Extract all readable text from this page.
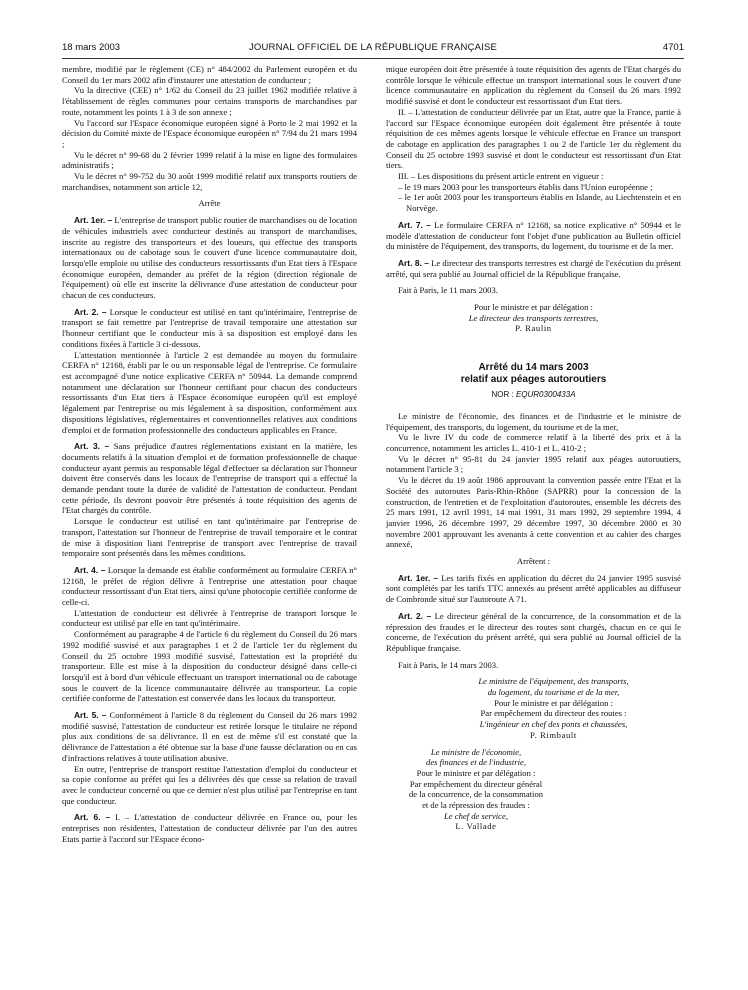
18 mars 2003	JOURNAL OFFICIEL DE LA RÉPUBLIQUE FRANÇAISE	4701

membre, modifié par le règlement (CE) n° 484/2002 du Parlement européen et du Conseil du 1er mars 2002 afin d'instaurer une attestation de conducteur ;

Vu la directive (CEE) n° 1/62 du Conseil du 23 juillet 1962 modifiée relative à l'établissement de règles communes pour certains transports de marchandises par route, notamment les points 1 à 3 de son annexe ;

Vu l'accord sur l'Espace économique européen signé à Porto le 2 mai 1992 et la décision du Comité mixte de l'Espace économique européen n° 7/94 du 21 mars 1994 ;

Vu le décret n° 99-68 du 2 février 1999 relatif à la mise en ligne des formulaires administratifs ;

Vu le décret n° 99-752 du 30 août 1999 modifié relatif aux transports routiers de marchandises, notamment son article 12,

Arrête

Art. 1er. – L'entreprise de transport public routier de marchandises ou de location de véhicules industriels avec conducteur destinés au transport de marchandises, inscrite au registre des transporteurs et des loueurs, qui effectue des transports internationaux ou de cabotage sous le couvert d'une licence communautaire doit, lorsqu'elle emploie ou utilise des conducteurs ressortissants d'un Etat tiers à l'Espace économique européen, demander au préfet de la région (direction régionale de l'équipement) où elle est inscrite la délivrance d'une attestation de conducteur pour chacun de ces conducteurs.

Art. 2. – Lorsque le conducteur est utilisé en tant qu'intérimaire, l'entreprise de transport se fait remettre par l'entreprise de travail temporaire une attestation sur l'honneur certifiant que le conducteur mis à sa disposition est employé dans les conditions fixées à l'article 3 ci-dessous.

L'attestation mentionnée à l'article 2 est demandée au moyen du formulaire CERFA n° 12168, établi par le ou un responsable légal de l'entreprise. Ce formulaire est accompagné d'une notice explicative CERFA n° 50944. La demande comprend notamment une déclaration sur l'honneur certifiant pour chacun des conducteurs ressortissants d'un Etat tiers à l'Espace économique européen qu'il est employé légalement par l'entreprise ou mis légalement à sa disposition, conformément aux dispositions législatives, réglementaires et conventionnelles relatives aux conditions d'emploi et de formation professionnelle des conducteurs applicables en France.

Art. 3. – Sans préjudice d'autres réglementations existant en la matière, les documents relatifs à la situation d'emploi et de formation professionnelle de chaque conducteur ayant permis au responsable légal d'effectuer sa déclaration sur l'honneur doivent être conservés dans les locaux de l'entreprise de transport qui a effectué la demande pendant toute la durée de validité de l'attestation de conducteur. Pendant cette période, ils devront pouvoir être présentés à toute réquisition des agents de l'Etat chargés du contrôle.

Lorsque le conducteur est utilisé en tant qu'intérimaire par l'entreprise de transport, l'attestation sur l'honneur de l'entreprise de travail temporaire et le contrat de mise à disposition liant l'entreprise de transport avec l'entreprise de travail temporaire sont présentés dans les mêmes conditions.

Art. 4. – Lorsque la demande est établie conformément au formulaire CERFA n° 12168, le préfet de région délivre à l'entreprise une attestation pour chaque conducteur ressortissant d'un Etat tiers, ainsi qu'une photocopie certifiée conforme de celle-ci.

L'attestation de conducteur est délivrée à l'entreprise de transport lorsque le conducteur est utilisé par elle en tant qu'intérimaire.

Conformément au paragraphe 4 de l'article 6 du règlement du Conseil du 26 mars 1992 modifié susvisé et aux paragraphes 1 et 2 de l'article 1er du règlement du Conseil du 25 octobre 1993 modifié susvisé, l'attestation est la propriété du transporteur. Elle est mise à la disposition du conducteur désigné dans celle-ci lorsqu'il est à bord d'un véhicule effectuant un transport international ou de cabotage sous le couvert de la licence communautaire délivrée au transporteur. La copie certifiée conforme de l'attestation est conservée dans les locaux du transporteur.

Art. 5. – Conformément à l'article 8 du règlement du Conseil du 26 mars 1992 modifié susvisé, l'attestation de conducteur est retirée lorsque le titulaire ne répond plus aux conditions de sa délivrance. Il en est de même s'il est constaté que la délivrance de l'attestation a été obtenue sur la base d'une fausse déclaration ou en cas d'infractions relatives à toute utilisation abusive.

En outre, l'entreprise de transport restitue l'attestation d'emploi du conducteur et sa copie conforme au préfet qui les a délivrées dès que cesse sa relation de travail avec le conducteur concerné ou que ce dernier n'est plus utilisé par l'entreprise en tant que conducteur.

Art. 6. – I. – L'attestation de conducteur délivrée en France ou, pour les entreprises non résidentes, l'attestation de conducteur délivrée par l'un des autres Etats partie à l'accord sur l'Espace écono-

mique européen doit être présentée à toute réquisition des agents de l'Etat chargés du contrôle lorsque le véhicule effectue un transport international sous le couvert d'une licence communautaire en application du règlement du Conseil du 26 mars 1992 modifié susvisé et dont le conducteur est ressortissant d'un Etat tiers.

II. – L'attestation de conducteur délivrée par un Etat, autre que la France, partie à l'accord sur l'Espace économique européen doit également être présentée à toute réquisition de ces mêmes agents lorsque le véhicule effectue en France un transport de cabotage en application des paragraphes 1 ou 2 de l'article 1er du règlement du Conseil du 25 octobre 1993 susvisé et dont le conducteur est ressortissant d'un Etat tiers.

III. – Les dispositions du présent article entrent en vigueur :

– le 19 mars 2003 pour les transporteurs établis dans l'Union européenne ;

– le 1er août 2003 pour les transporteurs établis en Islande, au Liechtenstein et en Norvège.

Art. 7. – Le formulaire CERFA n° 12168, sa notice explicative n° 50944 et le modèle d'attestation de conducteur font l'objet d'une publication au Bulletin officiel du ministère de l'équipement, des transports, du logement, du tourisme et de la mer.

Art. 8. – Le directeur des transports terrestres est chargé de l'exécution du présent arrêté, qui sera publié au Journal officiel de la République française.

Fait à Paris, le 11 mars 2003.

Pour le ministre et par délégation :

Le directeur des transports terrestres,

P. Raulin

Arrêté du 14 mars 2003
relatif aux péages autoroutiers
NOR : EQUR0300433A

Le ministre de l'économie, des finances et de l'industrie et le ministre de l'équipement, des transports, du logement, du tourisme et de la mer,

Vu le livre IV du code de commerce relatif à la liberté des prix et à la concurrence, notamment les articles L. 410-1 et L. 410-2 ;

Vu le décret n° 95-81 du 24 janvier 1995 relatif aux péages autoroutiers, notamment l'article 3 ;

Vu le décret du 19 août 1986 approuvant la convention passée entre l'Etat et la Société des autoroutes Paris-Rhin-Rhône (SAPRR) pour la concession de la construction, de l'entretien et de l'exploitation d'autoroutes, ensemble les décrets des 25 mars 1991, 12 avril 1991, 14 mai 1991, 31 mars 1992, 29 septembre 1994, 4 janvier 1996, 26 décembre 1997, 29 décembre 1997, 30 décembre 2000 et 30 novembre 2001 approuvant les avenants à cette convention et au cahier des charges annexé,

Arrêtent :

Art. 1er. – Les tarifs fixés en application du décret du 24 janvier 1995 susvisé sont complétés par les tarifs TTC annexés au présent arrêté applicables au diffuseur de Combronde situé sur l'autoroute A 71.

Art. 2. – Le directeur général de la concurrence, de la consommation et de la répression des fraudes et le directeur des routes sont chargés, chacun en ce qui le concerne, de l'exécution du présent arrêté, qui sera publié au Journal officiel de la République française.

Fait à Paris, le 14 mars 2003.

Le ministre de l'équipement, des transports,

du logement, du tourisme et de la mer,

Pour le ministre et par délégation :

Par empêchement du directeur des routes :

L'ingénieur en chef des ponts et chaussées,

P. Rimbault

Le ministre de l'économie,

des finances et de l'industrie,

Pour le ministre et par délégation :

Par empêchement du directeur général

de la concurrence, de la consommation

et de la répression des fraudes :

Le chef de service,

L. Vallade
